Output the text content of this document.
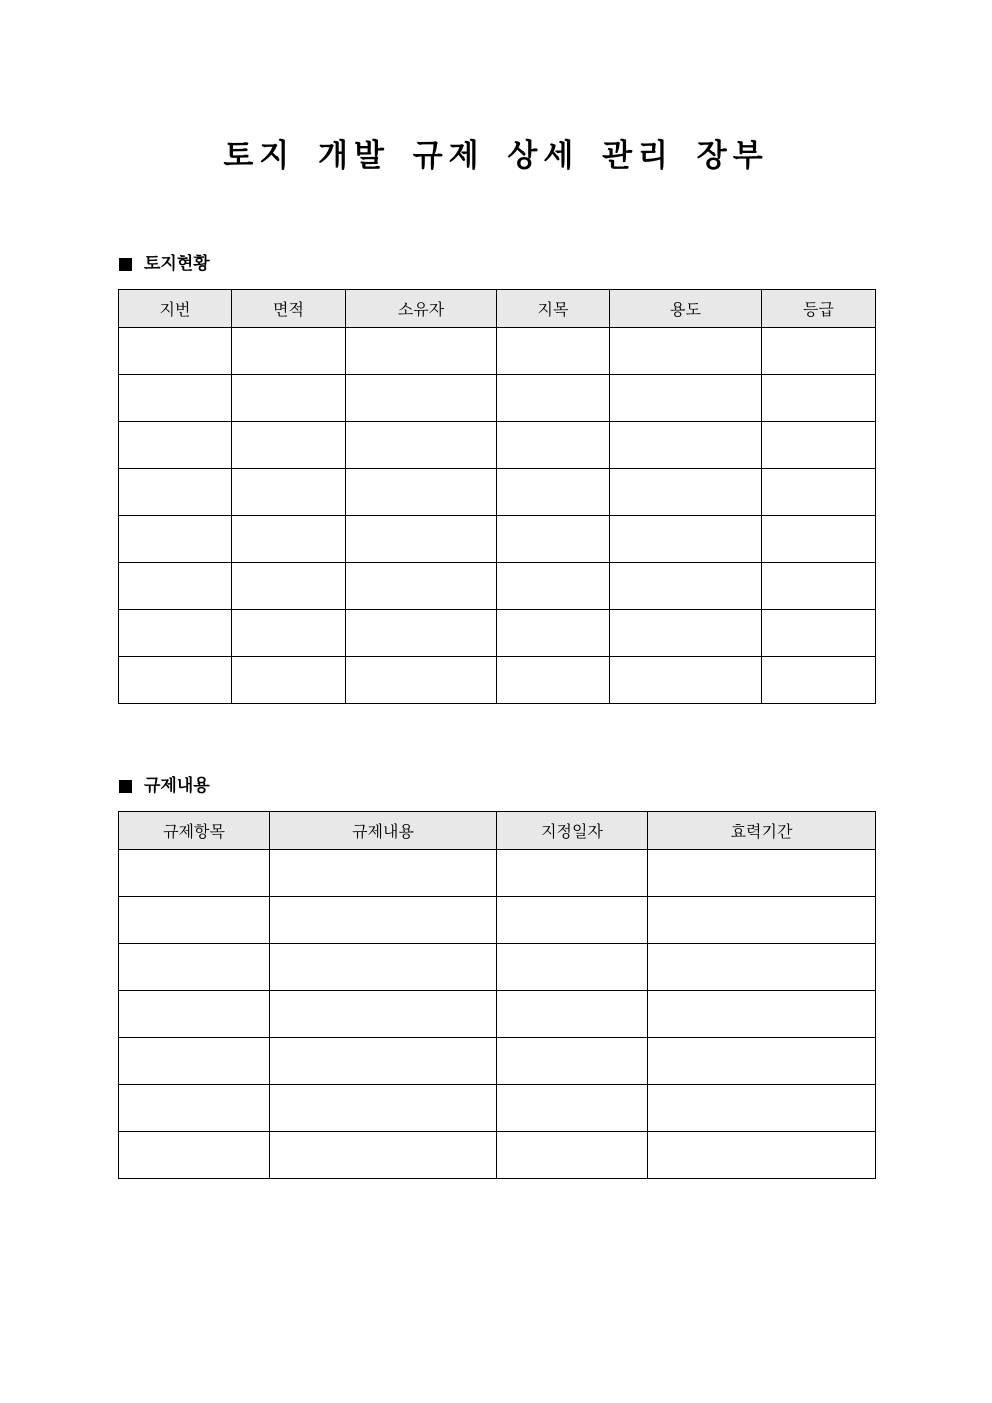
토지 개발 규제 상세 관리 장부
토지현황
지번	면적	소유자	지목	용도	등급

규제내용
규제항목	규제내용	지정일자	효력기간
